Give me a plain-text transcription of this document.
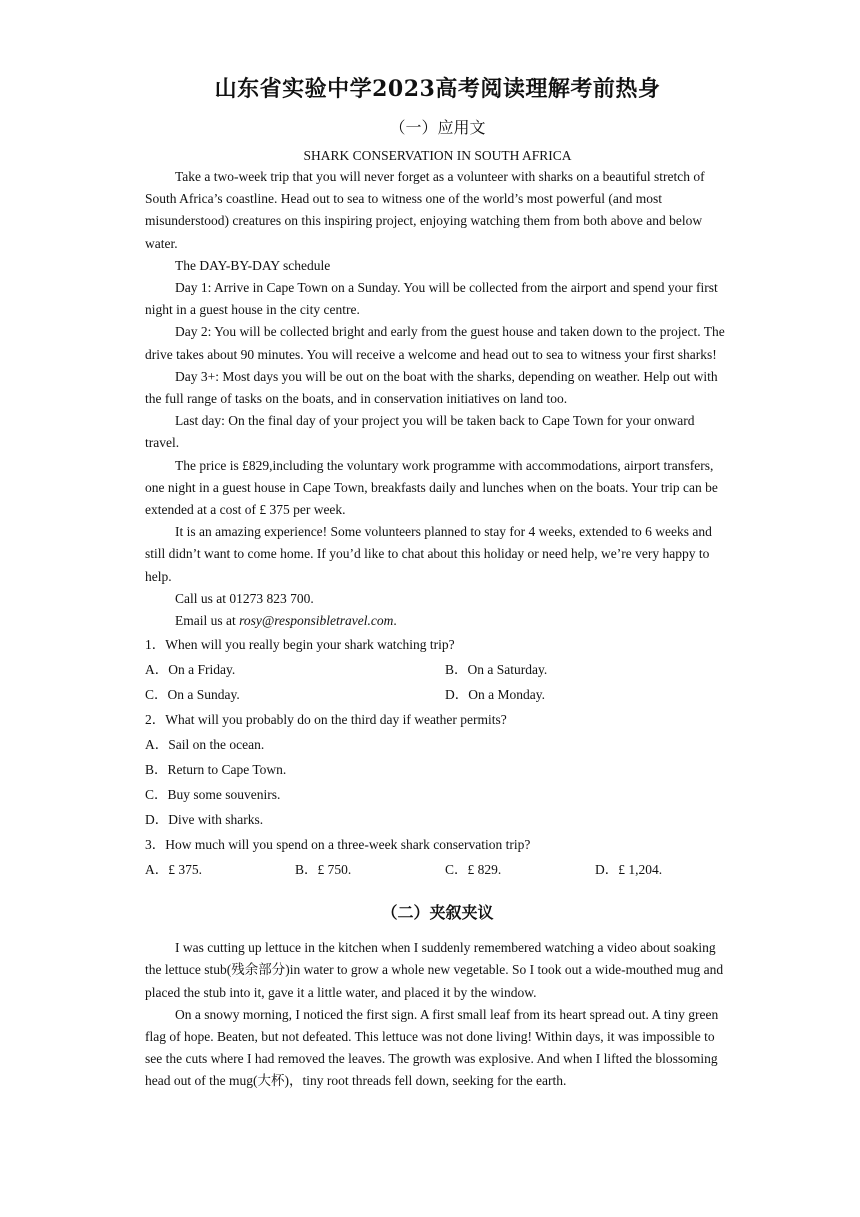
山东省实验中学2023高考阅读理解考前热身
（一）应用文
SHARK CONSERVATION IN SOUTH AFRICA

Take a two-week trip that you will never forget as a volunteer with sharks on a beautiful stretch of South Africa’s coastline. Head out to sea to witness one of the world’s most powerful (and most misunderstood) creatures on this inspiring project, enjoying watching them from both above and below water.

The DAY-BY-DAY schedule

Day 1: Arrive in Cape Town on a Sunday. You will be collected from the airport and spend your first night in a guest house in the city centre.

Day 2: You will be collected bright and early from the guest house and taken down to the project. The drive takes about 90 minutes. You will receive a welcome and head out to sea to witness your first sharks!

Day 3+: Most days you will be out on the boat with the sharks, depending on weather. Help out with the full range of tasks on the boats, and in conservation initiatives on land too.

Last day: On the final day of your project you will be taken back to Cape Town for your onward travel.

The price is £829,including the voluntary work programme with accommodations, airport transfers, one night in a guest house in Cape Town, breakfasts daily and lunches when on the boats. Your trip can be extended at a cost of £ 375 per week.

It is an amazing experience! Some volunteers planned to stay for 4 weeks, extended to 6 weeks and still didn’t want to come home. If you’d like to chat about this holiday or need help, we’re very happy to help.

Call us at 01273 823 700.

Email us at rosy@responsibletravel.com.

1．When will you really begin your shark watching trip?

A．On a Friday.	B．On a Saturday.
C．On a Sunday.	D．On a Monday.

2．What will you probably do on the third day if weather permits?

A．Sail on the ocean.
B．Return to Cape Town.
C．Buy some souvenirs.
D．Dive with sharks.

3．How much will you spend on a three-week shark conservation trip?

A．£ 375.	B．£ 750.	C．£ 829.	D．£ 1,204.
（二）夹叙夹议

I was cutting up lettuce in the kitchen when I suddenly remembered watching a video about soaking the lettuce stub(残余部分)in water to grow a whole new vegetable. So I took out a wide-mouthed mug and placed the stub into it, gave it a little water, and placed it by the window.

On a snowy morning, I noticed the first sign. A first small leaf from its heart spread out. A tiny green flag of hope. Beaten, but not defeated. This lettuce was not done living! Within days, it was impossible to see the cuts where I had removed the leaves. The growth was explosive. And when I lifted the blossoming head out of the mug(大杯)，tiny root threads fell down, seeking for the earth.
